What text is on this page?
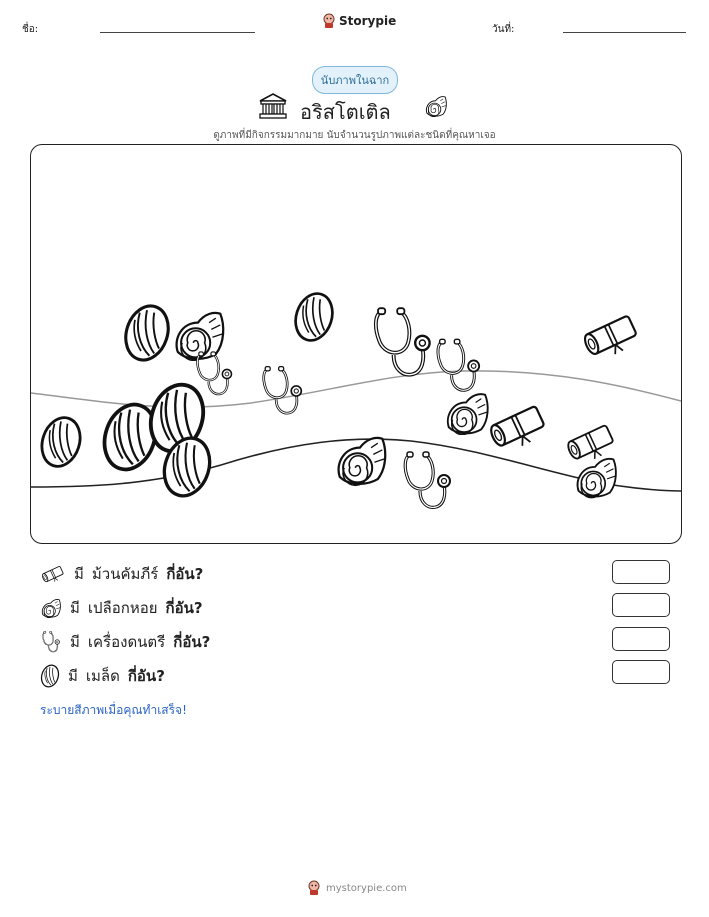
ชื่อ:
Storypie
วันที่:
นับภาพในฉาก
อริสโตเติล
ดูภาพที่มีกิจกรรมมากมาย นับจำนวนรูปภาพแต่ละชนิดที่คุณหาเจอ
มี ม้วนคัมภีร์ กี่อัน?
มี เปลือกหอย กี่อัน?
มี เครื่องดนตรี กี่อัน?
มี เมล็ด กี่อัน?
ระบายสีภาพเมื่อคุณทำเสร็จ!
mystorypie.com
